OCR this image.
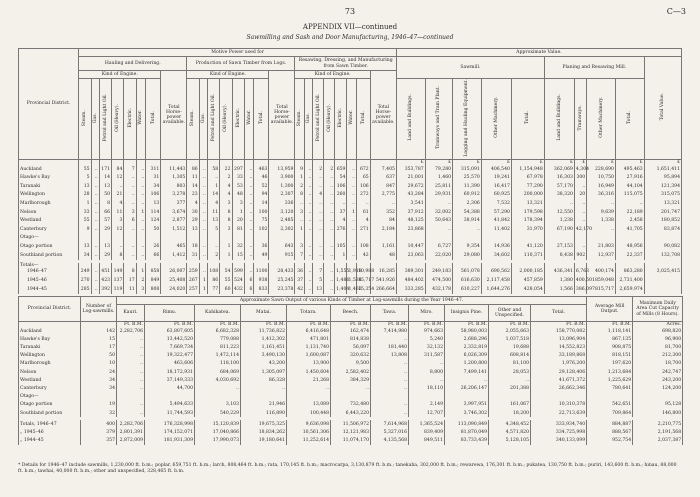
73	C—3
APPENDIX VII—continued
Sawmilling and Sash and Door Manufacturing, 1946–47—continued
Provincial District.	Motive Power used for																								Approximate Value.									
	Hauling and Delivering.								Production of Sawn Timber from Logs.								Resawing, Dressing, and Manufacturing from Sawn Timber.								Sawmill.					Planing and Resawing Mill.				Total Value.
	Kind of Engine.							Total Horse-power available.	Kind of Engine.							Total Horse-power available.	Kind of Engine.							Total Horse-power available.										
	Steam.	Gas.	Petrol and Light Oil.	Oil (Heavy).	Electric.	Water.	Total.		Steam.	Gas.	Petrol and Light Oil.	Oil (Heavy).	Electric.	Water.	Total.		Steam.	Gas.	Petrol and Light Oil.	Oil (Heavy).	Electric.	Water.	Total.		Land and Buildings.	Tramways and Tram Plant.	Logging and Hauling Equipment.	Other Machinery.	Total.	Land and Buildings.	Tramways.	Other Machinery.	Total.	
																									£	£	£	£	£	£	£	£	£	£
Auckland	55	..	171	84	7	..	311	11,443	86	..	58	22	297	..	463	13,959	9	..	2	2	659	..	672	7,405	353,787	79,280	315,091	406,540	1,154,948	362,069	4,304	228,690	495,463	1,651,411
Hawke's Bay	5	..	14	12	..	..	31	1,305	11	..	..	2	33	..	46	3,900	1	..	..	..	54	..	65	637	21,001	1,460	25,570	19,241	67,978	16,303	300	10,750	27,916	95,894
Taranaki	13	..	13	..	..	..	34	803	14	..	1	4	53	..	52	1,300	2	..	..	..	106	..	106	847	29,672	25,811	11,390	16,417	77,290	57,170	..	16,949	44,104	121,394
Wellington	28	..	50	21	..	..	106	3,278	23	..	14	4	48	..	94	2,307	8	..	4	..	260	..	272	2,775	43,284	29,931	60,912	60,925	200,000	38,320	20	36,316	115,075	315,075
Marlborough	1	..	8	4	..	..	13	377	4	..	4	3	3	..	14	336	..	..	..	..	..	..	..	..	3,541	..	2,306	7,532	13,321	..	..	..	..	13,321
Nelson	33	..	66	11	3	1	114	3,674	30	..	11	8	1	..	100	3,120	3	..	..	..	37	1	61	352	37,912	32,002	54,388	57,290	179,598	12,550	..	9,639	22,189	201,747
Westland	55	..	57	3	6	..	124	2,877	29	..	13	8	20	..	75	2,485	..	..	..	..	4	..	4	84	48,125	50,643	38,914	41,842	178,394	1,238	..	1,338	2,458	180,852
Canterbury	9	..	29	12	..	..	50	1,512	13	..	5	3	81	..	102	2,302	1	..	..	..	276	..	271	2,184	23,868	..	..	11,402	31,970	67,190	42,170	..	41,705	83,874
Otago—																																		
Otago portion	13	..	13	..	..	..	26	465	18	..	..	1	32	..	36	643	3	..	..	..	105	..	108	1,161	10,447	6,727	9,354	14,936	41,120	27,153	..	21,803	48,956	90,082
Southland portion	34	..	29	8	..	..	66	1,412	31	..	2	1	15	..	49	915	7	..	..	..	1	..	42	48	23,063	22,020	29,080	34,602	110,371	8,438	902	12,937	22,337	132,708

Totals—																																		
1946–47	249	..	451	149	8	1	858	26,007	259	..	108	54	599	..	1100	28,433	36	..	7	..	1,555	1,918	10,988	16,285	389,301	249,183	561,078	690,562	2,000,185	436,341	6,763	400,174	863,280	3,025,415
1945–46	270	..	423	137	17	2	849	25,408	267	1	86	55	524	6	938	25,245	37	..	5	..	1,486	1,534	15,717	541,926	484,402	474,500	616,630	2,117,458	457,859	1,380	400,501	859,048	2,731,400	
1944–45	285	..	392	119	11	3	808	24,020	257	1	77	60	432	6	833	23,378	42	..	13	..	1,404	1,463	15,354	266,664	333,285	432,178	610,227	1,644,276	428,054	1,566	386,097	815,717	2,659,974	
Provincial District.	Number of Log-sawmills.	Approximate Sawn Output of various Kinds of Timber at Log-sawmills during the Year 1946–47.											Average Mill Output.	Maximum Daily Area Cut Capacity of Mills (8 Hours).
		Kauri.	Rimu.	Kahikatea.	Matai.	Totara.	Beech.	Tawa.	Miro.	Insignis Pine.	Other and Unspecified.	Total.		
		Ft. B.M.	Ft. B.M.	Ft. B.M.	Ft. B.M.	Ft. B.M.	Ft. B.M.	Ft. B.M.	Ft. B.M.	Ft. B.M.	Ft. B.M.	Ft. B.M.	Ft. B.M.	Acres.
Auckland	142	2,282,706	63,807,605	6,682,328	11,736,822	6,416,648	162,474	7,414,980	974,663	58,980,003	2,055,663	158,770,082	1,118,141	698,820
Hawke's Bay	15	..	13,442,520	779,088	1,412,302	471,801	814,838	..	5,240	2,688,296	1,037,518	13,096,904	867,135	96,900
Taranaki	17	..	7,669,734	811,223	1,161,451	1,131,740	56,097	181,440	32,132	2,332,819	19,688	14,552,823	908,875	81,700
Wellington	50	..	19,322,477	1,472,114	3,490,130	1,600,087	320,632	13,808	311,587	6,026,309	608,814	33,189,868	818,151	212,300
Marlborough	10	..	463,606	118,100	43,200	13,900	9,500	..	..	1,200,800	81,100	1,976,200	197,620	18,700
Nelson	24	..	18,172,931	684,069	1,305,097	1,450,604	2,582,402	..	8,800	7,499,141	28,053	29,128,406	1,213,684	242,747
Westland	34	..	37,149,333	4,030,692	86,328	21,268	384,329	..	..	..	..	41,671,372	1,225,629	243,200
Canterbury	34	..	44,700	..	..	..	..	..	18,110	26,206,147	201,388	26,662,346	780,641	124,200
Otago—														
Otago portion	19	..	5,494,633	3,103	21,946	13,089	732,480	..	2,149	3,997,951	161,067	10,310,378	542,651	95,128
Southland portion	32	..	11,744,593	540,229	116,890	100,448	6,443,220	..	12,707	3,746,302	18,200	22,713,639	709,864	146,800

Totals, 1946–47	400	2,282,706	176,328,998	15,120,839	19,675,325	9,636,098	11,506,972	7,614,968	1,365,524	113,090,849	4,348,452	333,934,740	884,887	2,210,775
„ 1945–46	379	2,801,391	174,152,071	17,040,866	18,834,262	10,561,306	12,121,983	5,327,016	839,409	81,870,049	4,571,820	334,725,998	888,567	2,191,568
„ 1944–45	357	2,872,009	181,931,309	17,990,073	19,180,641	11,252,614	11,074,170	4,135,568	849,511	83,733,439	5,128,105	340,133,099	952,754	2,037,387
* Details for 1946–47 include sawmills, 1,230,000 ft. b.m.; poplar, 659,751 ft. b.m.; larch, 808,464 ft. b.m.; rata, 170,145 ft. b.m.; macrocarpa, 3,130,879 ft. b.m.; tanekaha, 302,000 ft. b.m.; rewarewa, 176,301 ft. b.m.; pukatea, 130,750 ft. b.m.; puriri, 143,600 ft. b.m.; hinau, 88,000 ft. b.m.; tawhai, 40,000 ft. b.m.; other and unspecified, 328,465 ft. b.m.
